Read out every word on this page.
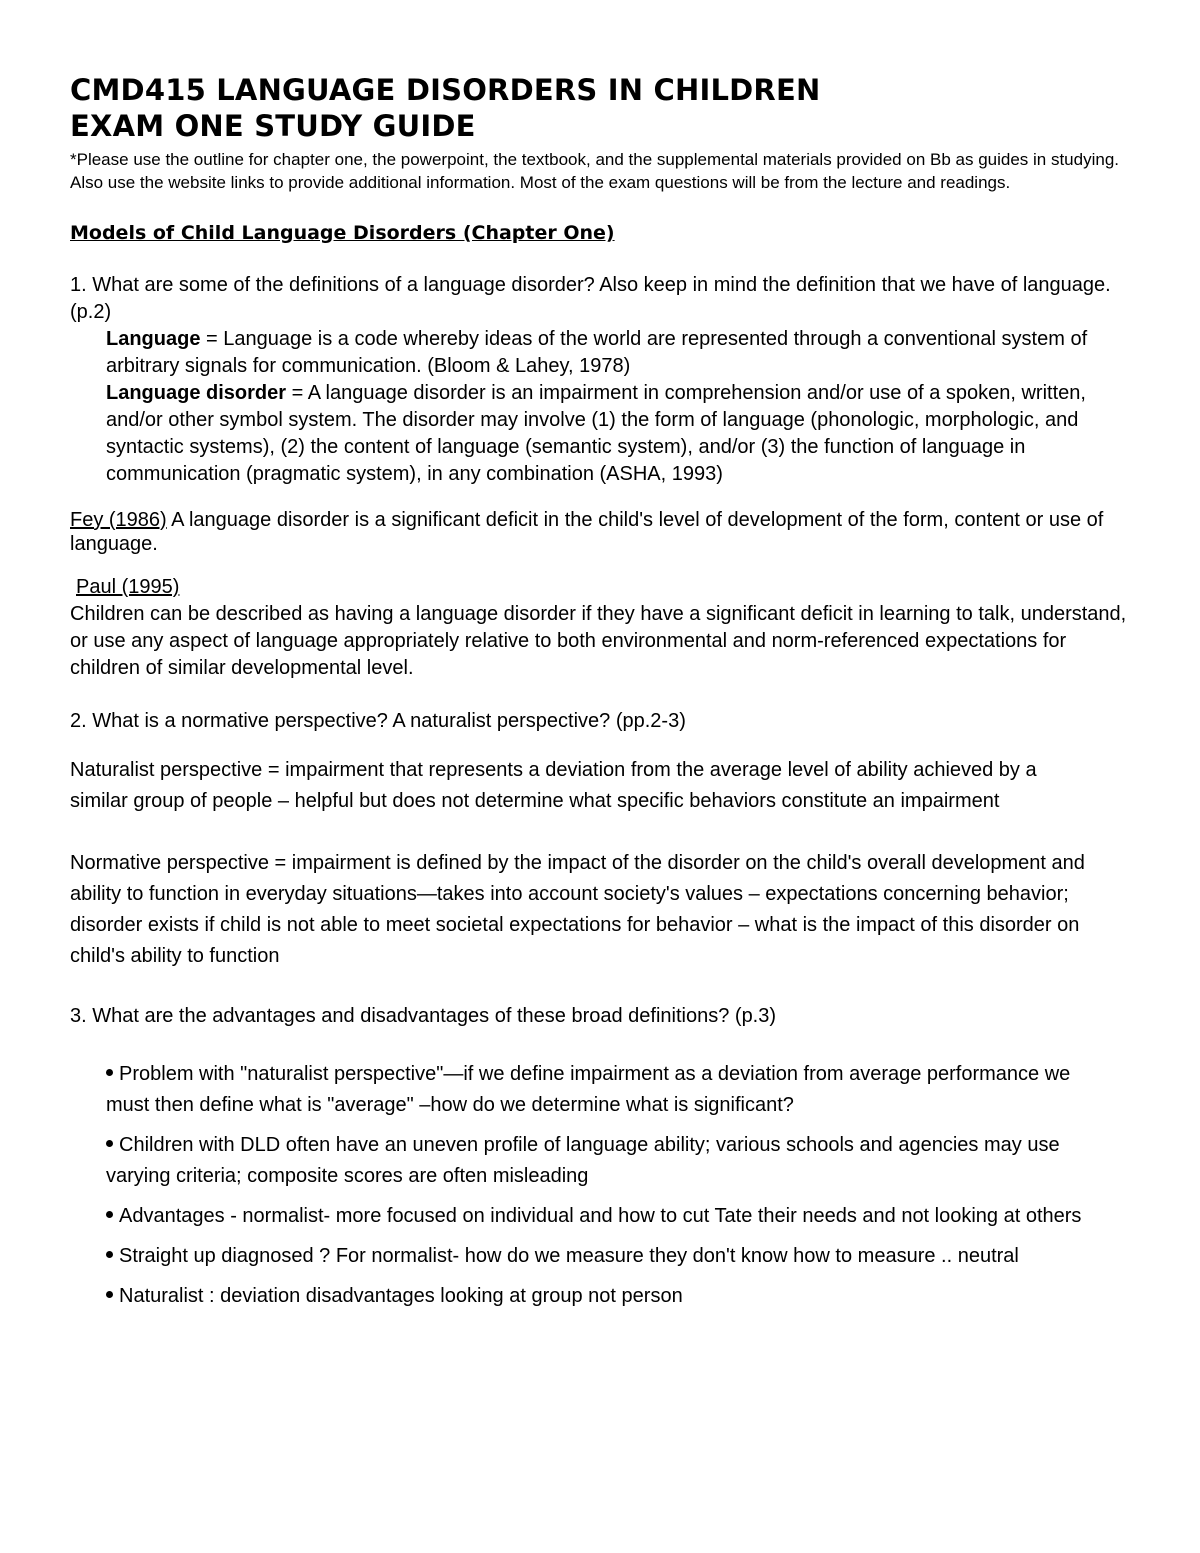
CMD415 LANGUAGE DISORDERS IN CHILDREN
EXAM ONE STUDY GUIDE

*Please use the outline for chapter one, the powerpoint, the textbook, and the supplemental materials provided on Bb as guides in studying. Also use the website links to provide additional information. Most of the exam questions will be from the lecture and readings.

Models of Child Language Disorders (Chapter One)

1. What are some of the definitions of a language disorder? Also keep in mind the definition that we have of language. (p.2)

Language = Language is a code whereby ideas of the world are represented through a conventional system of arbitrary signals for communication. (Bloom & Lahey, 1978)

Language disorder = A language disorder is an impairment in comprehension and/or use of a spoken, written, and/or other symbol system. The disorder may involve (1) the form of language (phonologic, morphologic, and syntactic systems), (2) the content of language (semantic system), and/or (3) the function of language in communication (pragmatic system), in any combination (ASHA, 1993)

Fey (1986) A language disorder is a significant deficit in the child's level of development of the form, content or use of language.

Paul (1995)

Children can be described as having a language disorder if they have a significant deficit in learning to talk, understand, or use any aspect of language appropriately relative to both environmental and norm-referenced expectations for children of similar developmental level.

2. What is a normative perspective? A naturalist perspective? (pp.2-3)

Naturalist perspective = impairment that represents a deviation from the average level of ability achieved by a similar group of people – helpful but does not determine what specific behaviors constitute an impairment

Normative perspective = impairment is defined by the impact of the disorder on the child's overall development and ability to function in everyday situations—takes into account society's values – expectations concerning behavior; disorder exists if child is not able to meet societal expectations for behavior – what is the impact of this disorder on child's ability to function

3. What are the advantages and disadvantages of these broad definitions? (p.3)

Problem with "naturalist perspective"—if we define impairment as a deviation from average performance we must then define what is "average" –how do we determine what is significant?
Children with DLD often have an uneven profile of language ability; various schools and agencies may use varying criteria; composite scores are often misleading
Advantages - normalist- more focused on individual and how to cut Tate their needs and not looking at others
Straight up diagnosed ? For normalist- how do we measure they don't know how to measure .. neutral
Naturalist : deviation disadvantages looking at group not person
